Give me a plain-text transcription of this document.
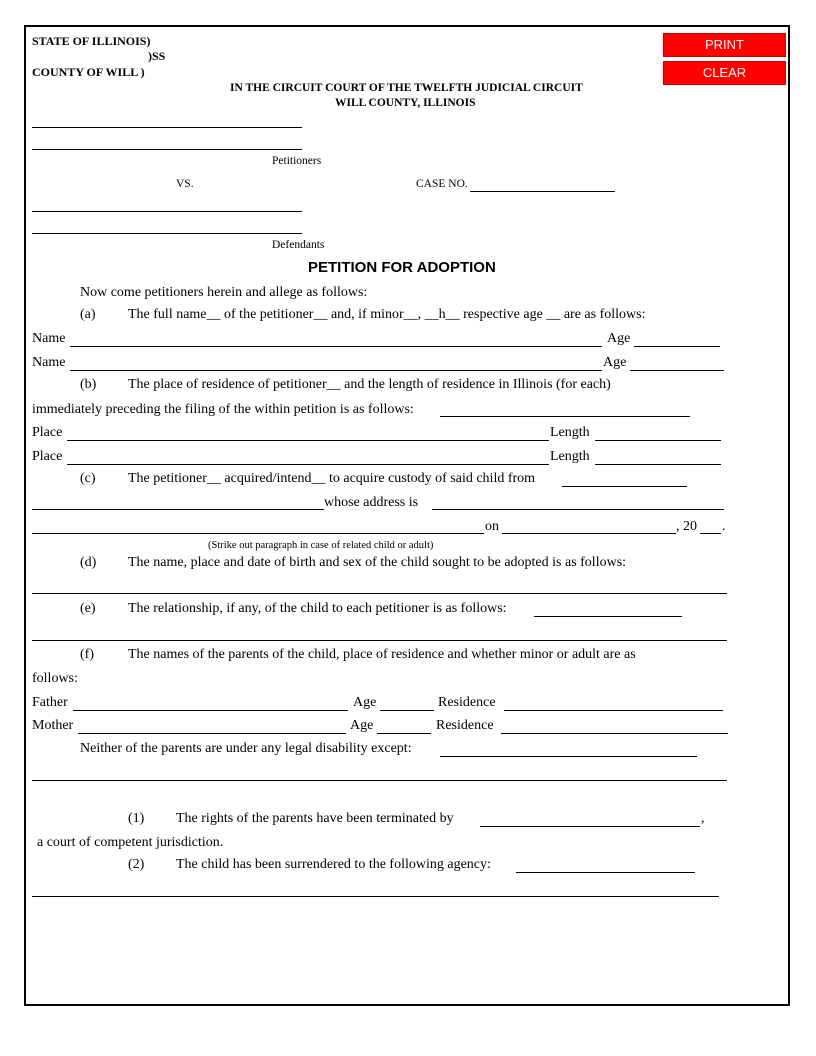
PRINT
CLEAR
STATE OF ILLINOIS)
)SS
COUNTY OF WILL )
IN THE CIRCUIT COURT OF THE TWELFTH JUDICIAL CIRCUIT
WILL COUNTY, ILLINOIS
Petitioners
VS.	CASE NO.
Defendants
PETITION FOR ADOPTION
Now come petitioners herein and allege as follows:
(a) The full name__ of the petitioner__ and, if minor__, __h__ respective age __ are as follows:
Name	Age
Name	Age
(b) The place of residence of petitioner__ and the length of residence in Illinois (for each)
immediately preceding the filing of the within petition is as follows:
Place	Length
Place	Length
(c) The petitioner__ acquired/intend__ to acquire custody of said child from
whose address is
on	, 20 .
(Strike out paragraph in case of related child or adult)
(d) The name, place and date of birth and sex of the child sought to be adopted is as follows:
(e) The relationship, if any, of the child to each petitioner is as follows:
(f) The names of the parents of the child, place of residence and whether minor or adult are as
follows:
Father	Age	Residence
Mother	Age	Residence
Neither of the parents are under any legal disability except:
(1) The rights of the parents have been terminated by	,
a court of competent jurisdiction.
(2) The child has been surrendered to the following agency:
